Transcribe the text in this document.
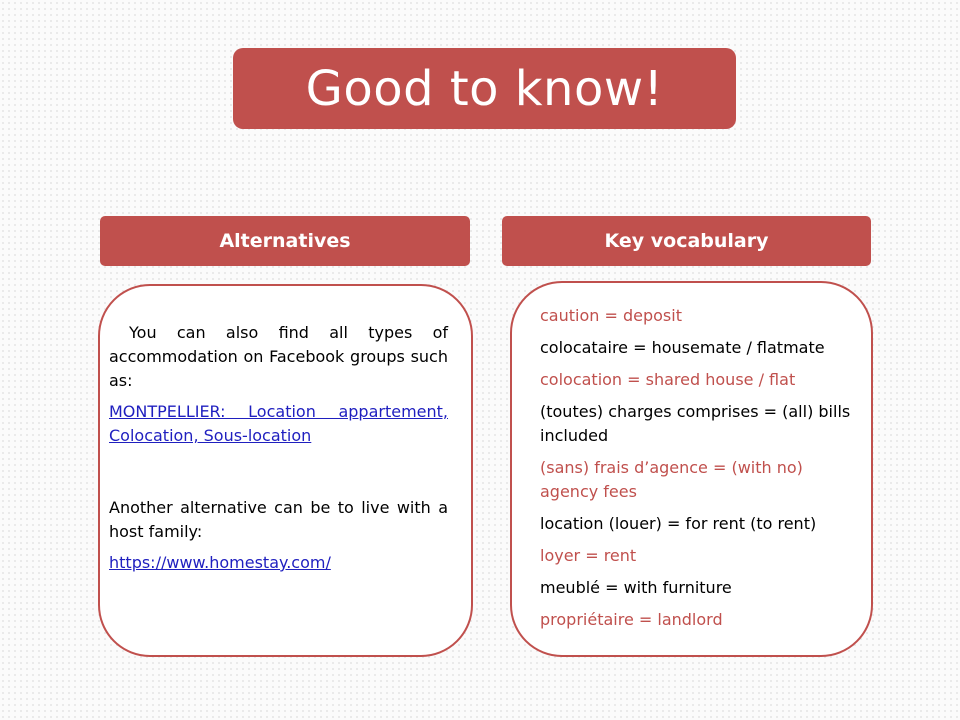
Good to know!
Alternatives	Key vocabulary

You can also find all types of accommodation on Facebook groups such as:

MONTPELLIER: Location appartement, Colocation, Sous-location

Another alternative can be to live with a host family:

https://www.homestay.com/

caution = deposit
colocataire = housemate / flatmate
colocation = shared house / flat
(toutes) charges comprises = (all) bills included
(sans) frais d’agence = (with no) agency fees
location (louer) = for rent (to rent)
loyer = rent
meublé = with furniture
propriétaire = landlord
